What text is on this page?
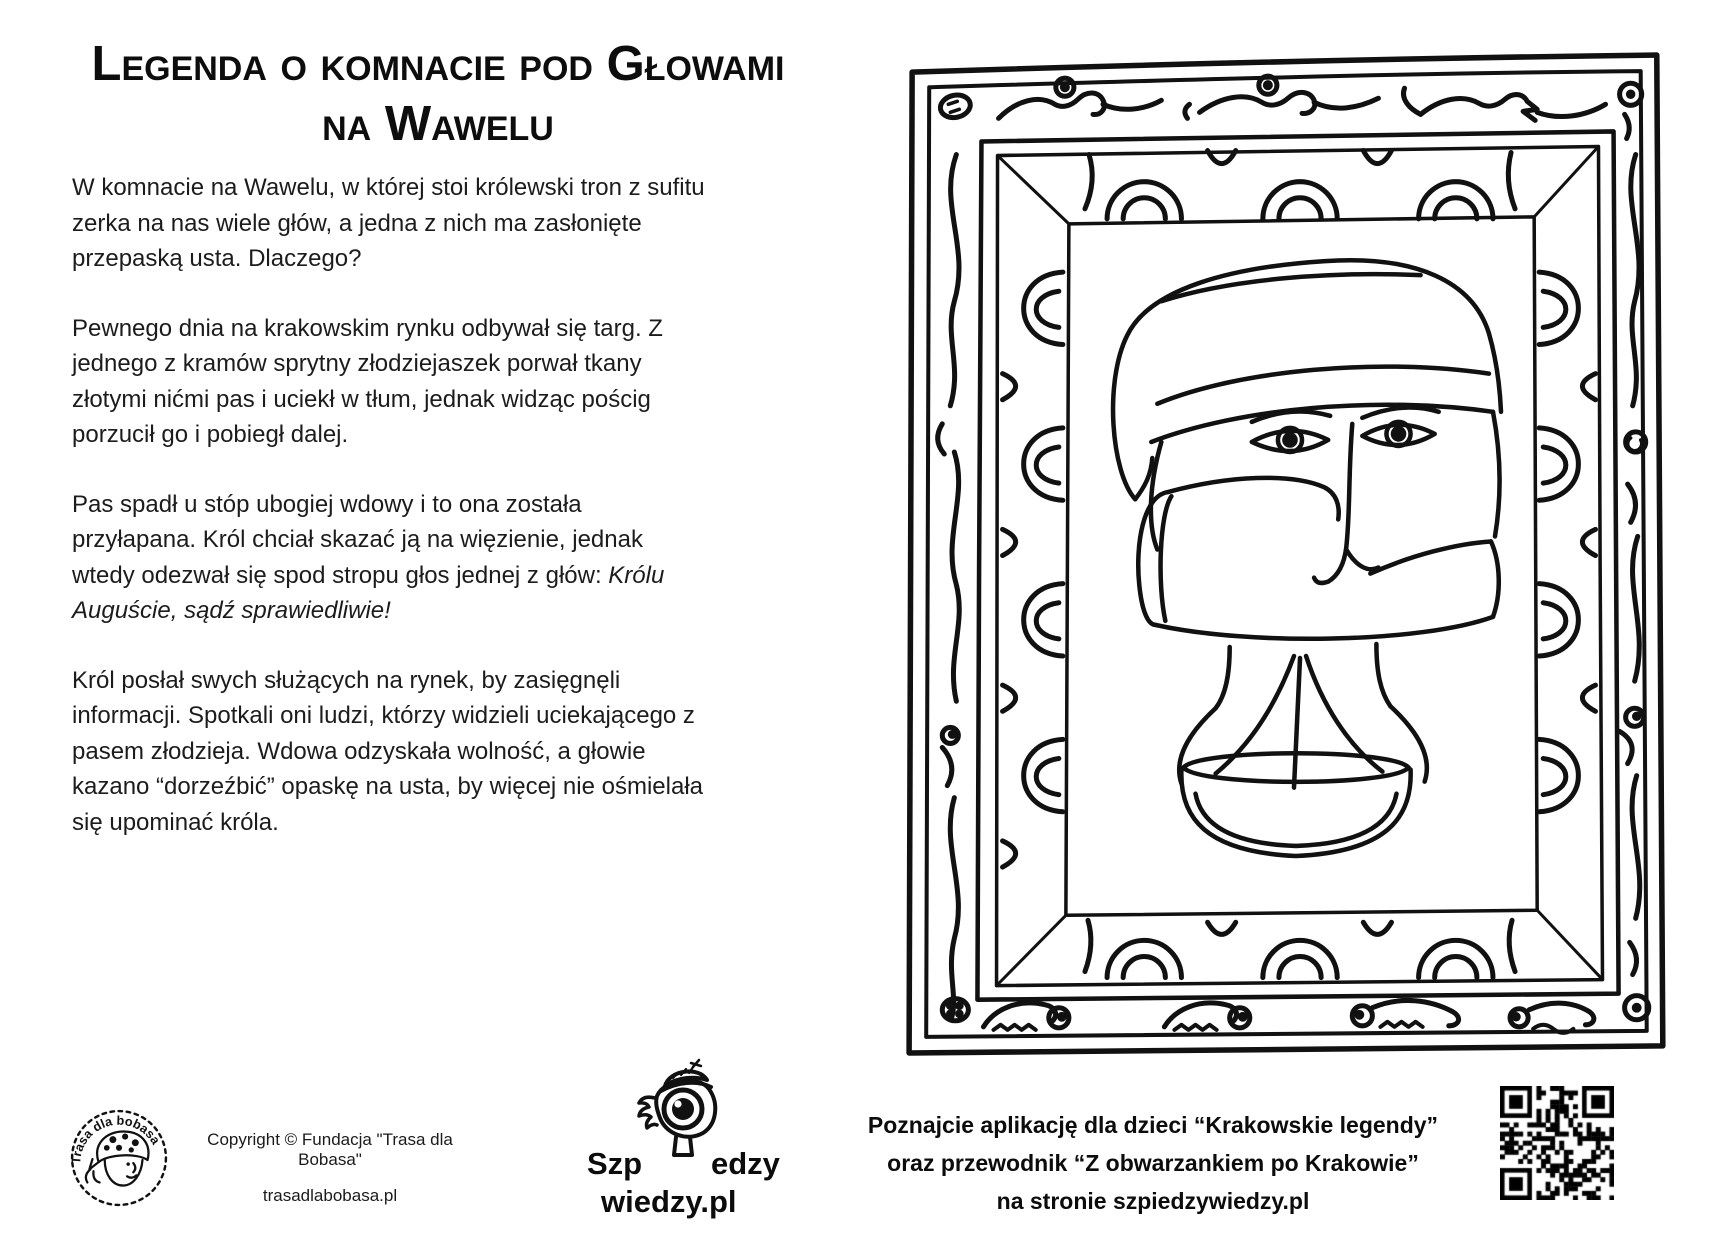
Legenda o komnacie pod Głowami
na Wawelu

W komnacie na Wawelu, w której stoi królewski tron z sufitu zerka na nas wiele głów, a jedna z nich ma zasłonięte przepaską usta. Dlaczego?

Pewnego dnia na krakowskim rynku odbywał się targ. Z jednego z kramów sprytny złodziejaszek porwał tkany złotymi nićmi pas i uciekł w tłum, jednak widząc pościg porzucił go i pobiegł dalej.

Pas spadł u stóp ubogiej wdowy i to ona została przyłapana. Król chciał skazać ją na więzienie, jednak wtedy odezwał się spod stropu głos jednej z głów: Królu Auguście, sądź sprawiedliwie!

Król posłał swych służących na rynek, by zasięgnęli informacji. Spotkali oni ludzi, którzy widzieli uciekającego z pasem złodzieja. Wdowa odzyskała wolność, a głowie kazano “dorzeźbić” opaskę na usta, by więcej nie ośmielała się upominać króla.

Trasa dla bobasa	Copyright © Fundacja "Trasa dla Bobasa"
trasadlabobasa.pl
Szp edzy
wiedzy.pl
Poznajcie aplikację dla dzieci “Krakowskie legendy”
oraz przewodnik “Z obwarzankiem po Krakowie”
na stronie szpiedzywiedzy.pl
